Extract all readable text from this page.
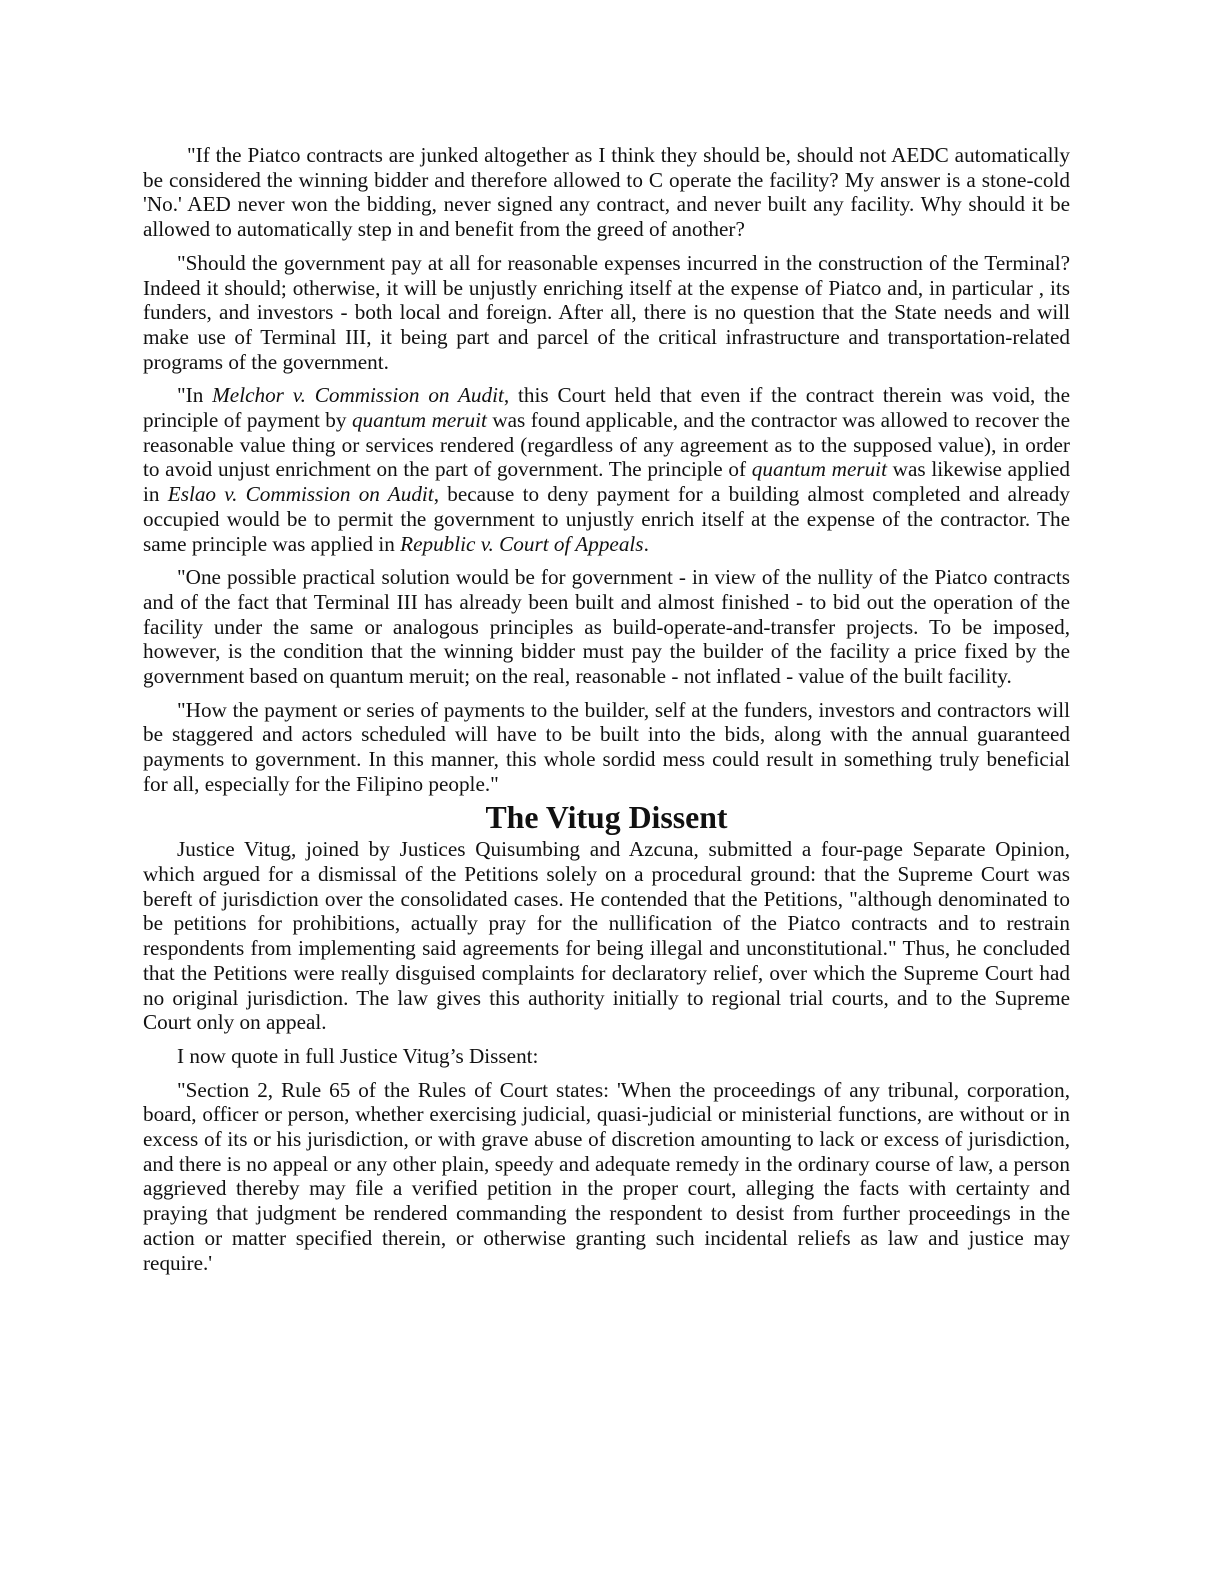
"If the Piatco contracts are junked altogether as I think they should be, should not AEDC automatically be considered the winning bidder and therefore allowed to C operate the facility? My answer is a stone-cold 'No.' AED never won the bidding, never signed any contract, and never built any facility. Why should it be allowed to automatically step in and benefit from the greed of another?

"Should the government pay at all for reasonable expenses incurred in the construction of the Terminal? Indeed it should; otherwise, it will be unjustly enriching itself at the expense of Piatco and, in particular , its funders, and investors - both local and foreign. After all, there is no question that the State needs and will make use of Terminal III, it being part and parcel of the critical infrastructure and transportation-related programs of the government.

"In Melchor v. Commission on Audit, this Court held that even if the contract therein was void, the principle of payment by quantum meruit was found applicable, and the contractor was allowed to recover the reasonable value thing or services rendered (regardless of any agreement as to the supposed value), in order to avoid unjust enrichment on the part of government. The principle of quantum meruit was likewise applied in Eslao v. Commission on Audit, because to deny payment for a building almost completed and already occupied would be to permit the government to unjustly enrich itself at the expense of the contractor. The same principle was applied in Republic v. Court of Appeals.

"One possible practical solution would be for government - in view of the nullity of the Piatco contracts and of the fact that Terminal III has already been built and almost finished - to bid out the operation of the facility under the same or analogous principles as build-operate-and-transfer projects. To be imposed, however, is the condition that the winning bidder must pay the builder of the facility a price fixed by the government based on quantum meruit; on the real, reasonable - not inflated - value of the built facility.

"How the payment or series of payments to the builder, self at the funders, investors and contractors will be staggered and actors scheduled will have to be built into the bids, along with the annual guaranteed payments to government. In this manner, this whole sordid mess could result in something truly beneficial for all, especially for the Filipino people."

The Vitug Dissent

Justice Vitug, joined by Justices Quisumbing and Azcuna, submitted a four-page Separate Opinion, which argued for a dismissal of the Petitions solely on a procedural ground: that the Supreme Court was bereft of jurisdiction over the consolidated cases. He contended that the Petitions, "although denominated to be petitions for prohibitions, actually pray for the nullification of the Piatco contracts and to restrain respondents from implementing said agreements for being illegal and unconstitutional." Thus, he concluded that the Petitions were really disguised complaints for declaratory relief, over which the Supreme Court had no original jurisdiction. The law gives this authority initially to regional trial courts, and to the Supreme Court only on appeal.

I now quote in full Justice Vitug’s Dissent:

"Section 2, Rule 65 of the Rules of Court states: 'When the proceedings of any tribunal, corporation, board, officer or person, whether exercising judicial, quasi-judicial or ministerial functions, are without or in excess of its or his jurisdiction, or with grave abuse of discretion amounting to lack or excess of jurisdiction, and there is no appeal or any other plain, speedy and adequate remedy in the ordinary course of law, a person aggrieved thereby may file a verified petition in the proper court, alleging the facts with certainty and praying that judgment be rendered commanding the respondent to desist from further proceedings in the action or matter specified therein, or otherwise granting such incidental reliefs as law and justice may require.'
